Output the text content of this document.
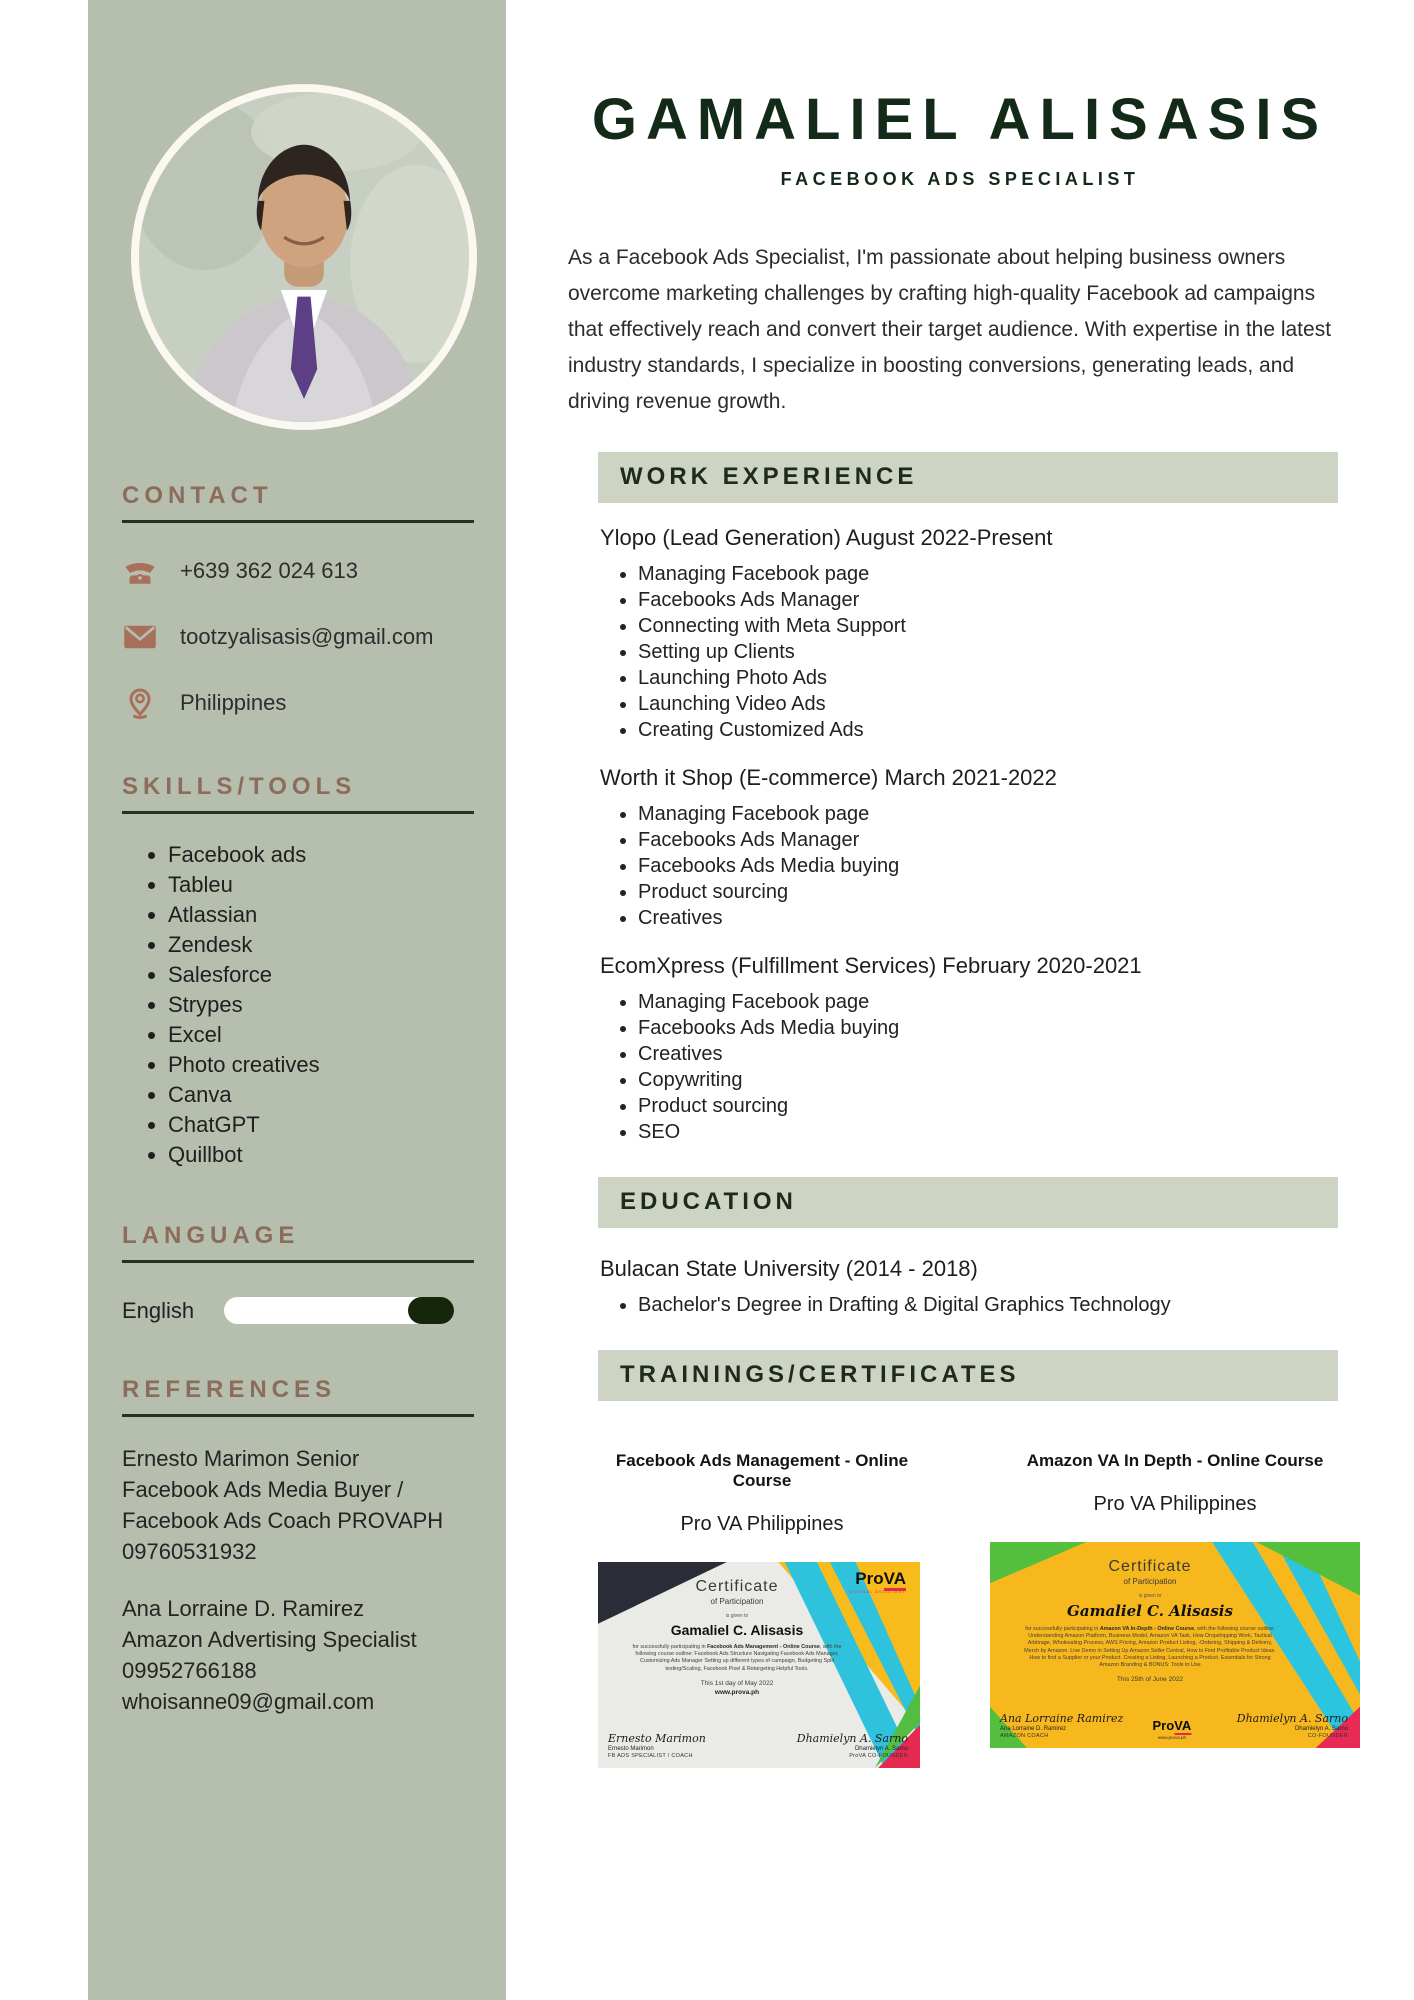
CONTACT
+639 362 024 613
tootzyalisasis@gmail.com
Philippines
SKILLS/TOOLS
• Facebook ads
• Tableu
• Atlassian
• Zendesk
• Salesforce
• Strypes
• Excel
• Photo creatives
• Canva
• ChatGPT
• Quillbot
LANGUAGE
English
REFERENCES
Ernesto Marimon Senior
Facebook Ads Media Buyer /
Facebook Ads Coach PROVAPH
09760531932
Ana Lorraine D. Ramirez
Amazon Advertising Specialist
09952766188
whoisanne09@gmail.com
GAMALIEL ALISASIS
FACEBOOK ADS SPECIALIST

As a Facebook Ads Specialist, I'm passionate about helping business owners overcome marketing challenges by crafting high-quality Facebook ad campaigns that effectively reach and convert their target audience. With expertise in the latest industry standards, I specialize in boosting conversions, generating leads, and driving revenue growth.

WORK EXPERIENCE
Ylopo (Lead Generation) August 2022-Present
• Managing Facebook page
• Facebooks Ads Manager
• Connecting with Meta Support
• Setting up Clients
• Launching Photo Ads
• Launching Video Ads
• Creating Customized Ads
Worth it Shop (E-commerce) March 2021-2022
• Managing Facebook page
• Facebooks Ads Manager
• Facebooks Ads Media buying
• Product sourcing
• Creatives
EcomXpress (Fulfillment Services) February 2020-2021
• Managing Facebook page
• Facebooks Ads Media buying
• Creatives
• Copywriting
• Product sourcing
• SEO
EDUCATION
Bulacan State University (2014 - 2018)
• Bachelor's Degree in Drafting & Digital Graphics Technology
TRAININGS/CERTIFICATES
Facebook Ads Management - Online Course
Pro VA Philippines
ProVA
VIRTUAL ASSISTANT
Certificate
of Participation
is given to
Gamaliel C. Alisasis
for successfully participating in Facebook Ads Management - Online Course, with the following course outline: Facebook Ads Structure Navigating Facebook Ads Manager, Customizing Ads Manager Setting up different types of campaign, Budgeting Split testing/Scaling, Facebook Pixel & Retargeting Helpful Tools.
This 1st day of May 2022
www.prova.ph
Ernesto Marimon
Ernesto Marimon
FB ADS SPECIALIST / COACH
Dhamielyn A. Sarno
Dhamielyn A. Sarno
ProVA CO-FOUNDER
Amazon VA In Depth - Online Course
Pro VA Philippines
Certificate
of Participation
is given to
Gamaliel C. Alisasis
for successfully participating in Amazon VA In-Depth - Online Course, with the following course outline: Understanding Amazon Platform, Business Model, Amazon VA Task, How Dropshipping Work, Tactical Arbitrage, Wholesaling Process, AWS Pricing, Amazon Product Listing, -Ordering, Shipping & Delivery, Merch by Amazon. Live Demo in Setting Up Amazon Seller Central, How to Find Profitable Product Ideas. How to find a Supplier or your Product. Creating a Listing, Launching a Product. Essentials for Strong Amazon Branding & BONUS: Tools to Use
This 25th of June 2022
Ana Lorraine Ramirez
Ana Lorraine D. Ramirez
AMAZON COACH
ProVA
www.prova.ph
Dhamielyn A. Sarno
Dhamielyn A. Sarno
CO-FOUNDER
